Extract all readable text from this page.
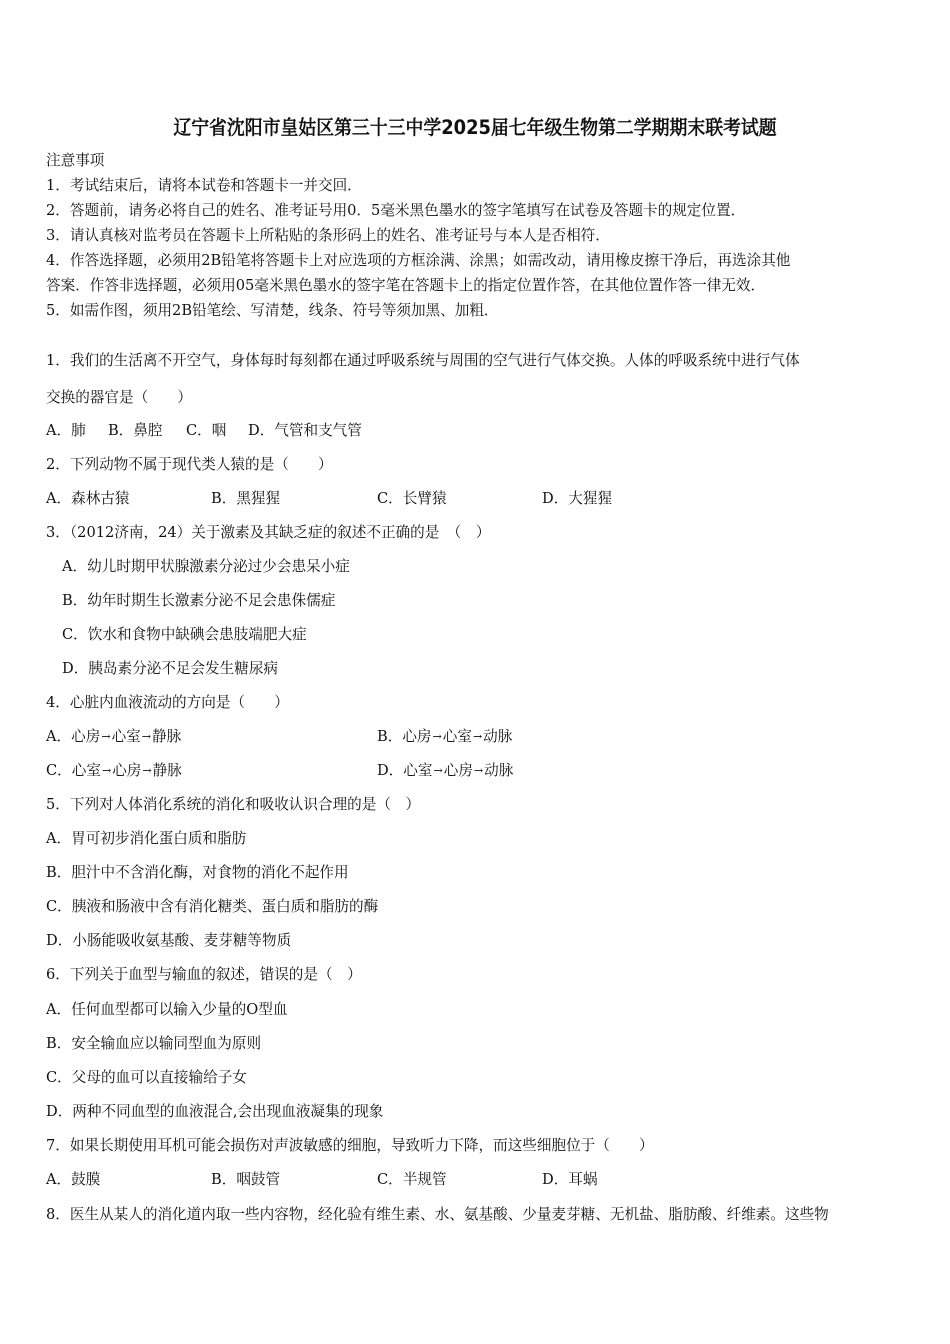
辽宁省沈阳市皇姑区第三十三中学2025届七年级生物第二学期期末联考试题
注意事项
1．考试结束后，请将本试卷和答题卡一并交回．
2．答题前，请务必将自己的姓名、准考证号用0．5毫米黑色墨水的签字笔填写在试卷及答题卡的规定位置．
3．请认真核对监考员在答题卡上所粘贴的条形码上的姓名、准考证号与本人是否相符．
4．作答选择题，必须用2B铅笔将答题卡上对应选项的方框涂满、涂黑；如需改动，请用橡皮擦干净后，再选涂其他
答案．作答非选择题，必须用05毫米黑色墨水的签字笔在答题卡上的指定位置作答，在其他位置作答一律无效．
5．如需作图，须用2B铅笔绘、写清楚，线条、符号等须加黑、加粗．
1．我们的生活离不开空气，身体每时每刻都在通过呼吸系统与周围的空气进行气体交换。人体的呼吸系统中进行气体
交换的器官是（　　）
A．肺 B．鼻腔 C．咽 D．气管和支气管
2．下列动物不属于现代类人猿的是（　　）
A．森林古猿	B．黑猩猩	C．长臂猿	D．大猩猩
3．（2012济南，24）关于激素及其缺乏症的叙述不正确的是　（　）
A．幼儿时期甲状腺激素分泌过少会患呆小症
B．幼年时期生长激素分泌不足会患侏儒症
C．饮水和食物中缺碘会患肢端肥大症
D．胰岛素分泌不足会发生糖尿病
4．心脏内血液流动的方向是（　　）
A．心房→心室→静脉	B．心房→心室→动脉
C．心室→心房→静脉	D．心室→心房→动脉
5．下列对人体消化系统的消化和吸收认识合理的是（　）
A．胃可初步消化蛋白质和脂肪
B．胆汁中不含消化酶，对食物的消化不起作用
C．胰液和肠液中含有消化糖类、蛋白质和脂肪的酶
D．小肠能吸收氨基酸、麦芽糖等物质
6．下列关于血型与输血的叙述，错误的是（　）
A．任何血型都可以输入少量的O型血
B．安全输血应以输同型血为原则
C．父母的血可以直接输给子女
D．两种不同血型的血液混合,会出现血液凝集的现象
7．如果长期使用耳机可能会损伤对声波敏感的细胞，导致听力下降，而这些细胞位于（　　）
A．鼓膜	B．咽鼓管	C．半规管	D．耳蜗
8．医生从某人的消化道内取一些内容物，经化验有维生素、水、氨基酸、少量麦芽糖、无机盐、脂肪酸、纤维素。这些物
